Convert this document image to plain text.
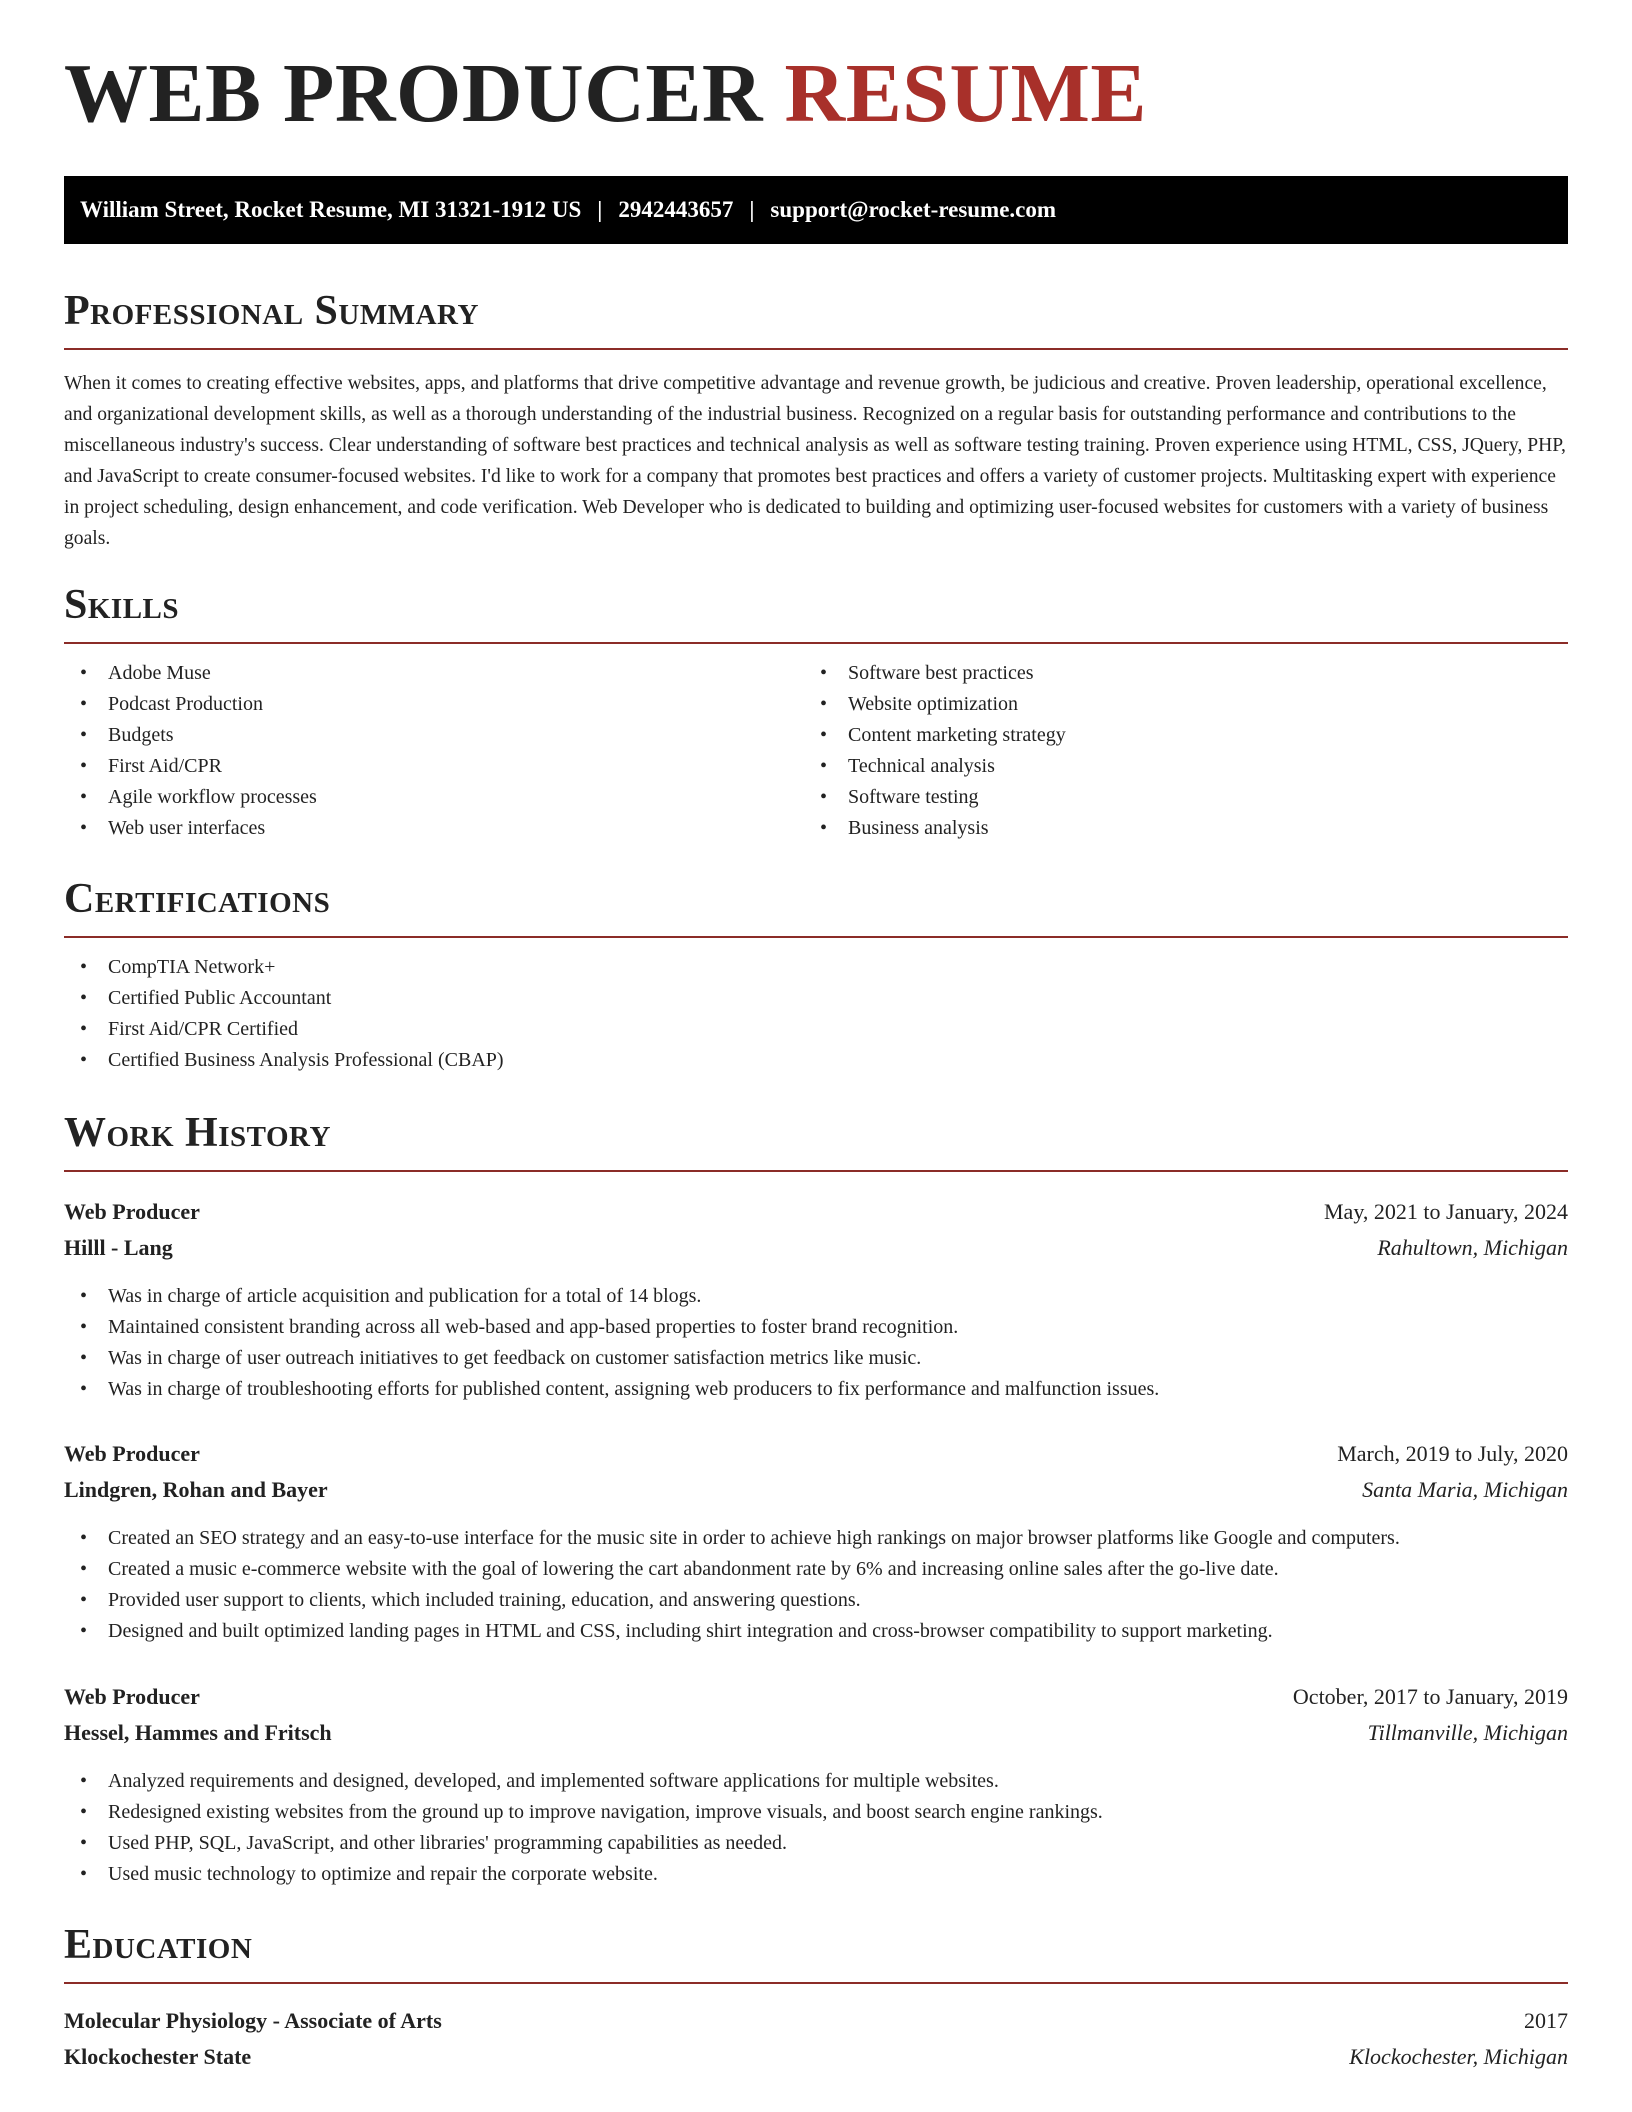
WEB PRODUCER RESUME
William Street, Rocket Resume, MI 31321-1912 US | 2942443657 | support@rocket-resume.com
Professional Summary

When it comes to creating effective websites, apps, and platforms that drive competitive advantage and revenue growth, be judicious and creative. Proven leadership, operational excellence, and organizational development skills, as well as a thorough understanding of the industrial business. Recognized on a regular basis for outstanding performance and contributions to the miscellaneous industry's success. Clear understanding of software best practices and technical analysis as well as software testing training. Proven experience using HTML, CSS, JQuery, PHP, and JavaScript to create consumer-focused websites. I'd like to work for a company that promotes best practices and offers a variety of customer projects. Multitasking expert with experience in project scheduling, design enhancement, and code verification. Web Developer who is dedicated to building and optimizing user-focused websites for customers with a variety of business goals.

Skills
• Adobe Muse
• Podcast Production
• Budgets
• First Aid/CPR
• Agile workflow processes
• Web user interfaces
• Software best practices
• Website optimization
• Content marketing strategy
• Technical analysis
• Software testing
• Business analysis
Certifications
• CompTIA Network+
• Certified Public Accountant
• First Aid/CPR Certified
• Certified Business Analysis Professional (CBAP)
Work History
Web Producer	May, 2021 to January, 2024
Hilll - Lang	Rahultown, Michigan
• Was in charge of article acquisition and publication for a total of 14 blogs.
• Maintained consistent branding across all web-based and app-based properties to foster brand recognition.
• Was in charge of user outreach initiatives to get feedback on customer satisfaction metrics like music.
• Was in charge of troubleshooting efforts for published content, assigning web producers to fix performance and malfunction issues.
Web Producer	March, 2019 to July, 2020
Lindgren, Rohan and Bayer	Santa Maria, Michigan
• Created an SEO strategy and an easy-to-use interface for the music site in order to achieve high rankings on major browser platforms like Google and computers.
• Created a music e-commerce website with the goal of lowering the cart abandonment rate by 6% and increasing online sales after the go-live date.
• Provided user support to clients, which included training, education, and answering questions.
• Designed and built optimized landing pages in HTML and CSS, including shirt integration and cross-browser compatibility to support marketing.
Web Producer	October, 2017 to January, 2019
Hessel, Hammes and Fritsch	Tillmanville, Michigan
• Analyzed requirements and designed, developed, and implemented software applications for multiple websites.
• Redesigned existing websites from the ground up to improve navigation, improve visuals, and boost search engine rankings.
• Used PHP, SQL, JavaScript, and other libraries' programming capabilities as needed.
• Used music technology to optimize and repair the corporate website.
Education
Molecular Physiology - Associate of Arts	2017
Klockochester State	Klockochester, Michigan
